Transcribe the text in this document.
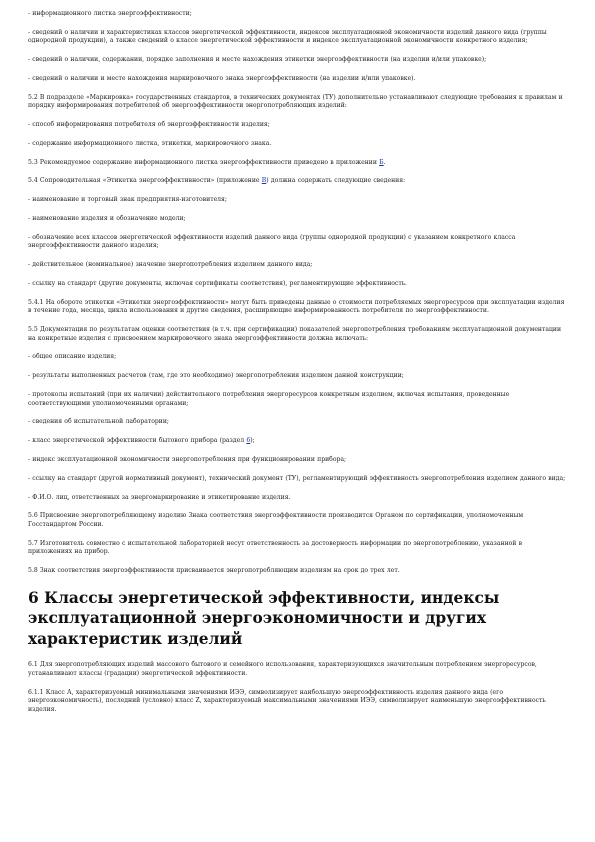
- информационного листка энергоэффективности;

- сведений о наличии и характеристиках классов энергетической эффективности, индексов эксплуатационной экономичности изделий данного вида (группы однородной продукции), а также сведений о классе энергетической эффективности и индексе эксплуатационной экономичности конкретного изделия;

- сведений о наличии, содержании, порядке заполнения и месте нахождения этикетки энергоэффективности (на изделии и/или упаковке);

- сведений о наличии и месте нахождения маркировочного знака энергоэффективности (на изделии и/или упаковке).

5.2 В подразделе «Маркировка» государственных стандартов, в технических документах (ТУ) дополнительно устанавливают следующие требования к правилам и порядку информирования потребителей об энергоэффективности энергопотребляющих изделий:

- способ информирования потребителя об энергоэффективности изделия;

- содержание информационного листка, этикетки, маркировочного знака.

5.3 Рекомендуемое содержание информационного листка энергоэффективности приведено в приложении Б.

5.4 Сопроводительная «Этикетка энергоэффективности» (приложение В) должна содержать следующие сведения:

- наименование и торговый знак предприятия-изготовителя;

- наименование изделия и обозначение модели;

- обозначение всех классов энергетической эффективности изделий данного вида (группы однородной продукции) с указанием конкретного класса энергоэффективности данного изделия;

- действительное (номинальное) значение энергопотребления изделием данного вида;

- ссылку на стандарт (другие документы, включая сертификаты соответствия), регламентирующие эффективность.

5.4.1 На обороте этикетки «Этикетки энергоэффективности» могут быть приведены данные о стоимости потребляемых энергоресурсов при эксплуатации изделия в течение года, месяца, цикла использования и другие сведения, расширяющие информированность потребителя по энергоэффективности.

5.5 Документация по результатам оценки соответствия (в т.ч. при сертификации) показателей энергопотребления требованиям эксплуатационной документации на конкретные изделия с присвоением маркировочного знака энергоэффективности должна включать:

- общее описание изделия;

- результаты выполненных расчетов (там, где это необходимо) энергопотребления изделием данной конструкции;

- протоколы испытаний (при их наличии) действительного потребления энергоресурсов конкретным изделием, включая испытания, проведенные соответствующими уполномоченными органами;

- сведения об испытательной лаборатории;

- класс энергетической эффективности бытового прибора (раздел 6);

- индекс эксплуатационной экономичности энергопотребления при функционировании прибора;

- ссылку на стандарт (другой нормативный документ), технический документ (ТУ), регламентирующий эффективность энергопотребления изделием данного вида;

- Ф.И.О. лиц, ответственных за энергомаркирование и этикетирование изделия.

5.6 Присвоение энергопотребляющему изделию Знака соответствия энергоэффективности производится Органом по сертификации, уполномоченным Госстандартом России.

5.7 Изготовитель совместно с испытательной лабораторией несут ответственность за достоверность информации по энергопотреблению, указанной в приложениях на прибор.

5.8 Знак соответствия энергоэффективности присваивается энергопотребляющим изделиям на срок до трех лет.

6 Классы энергетической эффективности, индексы эксплуатационной энергоэкономичности и других характеристик изделий

6.1 Для энергопотребляющих изделий массового бытового и семейного использования, характеризующихся значительным потреблением энергоресурсов, устанавливают классы (градации) энергетической эффективности.

6.1.1 Класс А, характеризуемый минимальными значениями ИЭЭ, символизирует наибольшую энергоэффективность изделия данного вида (его энергоэкономичность), последний (условно) класс Z, характеризуемый максимальными значениями ИЭЭ, символизирует наименьшую энергоэффективность изделия.
